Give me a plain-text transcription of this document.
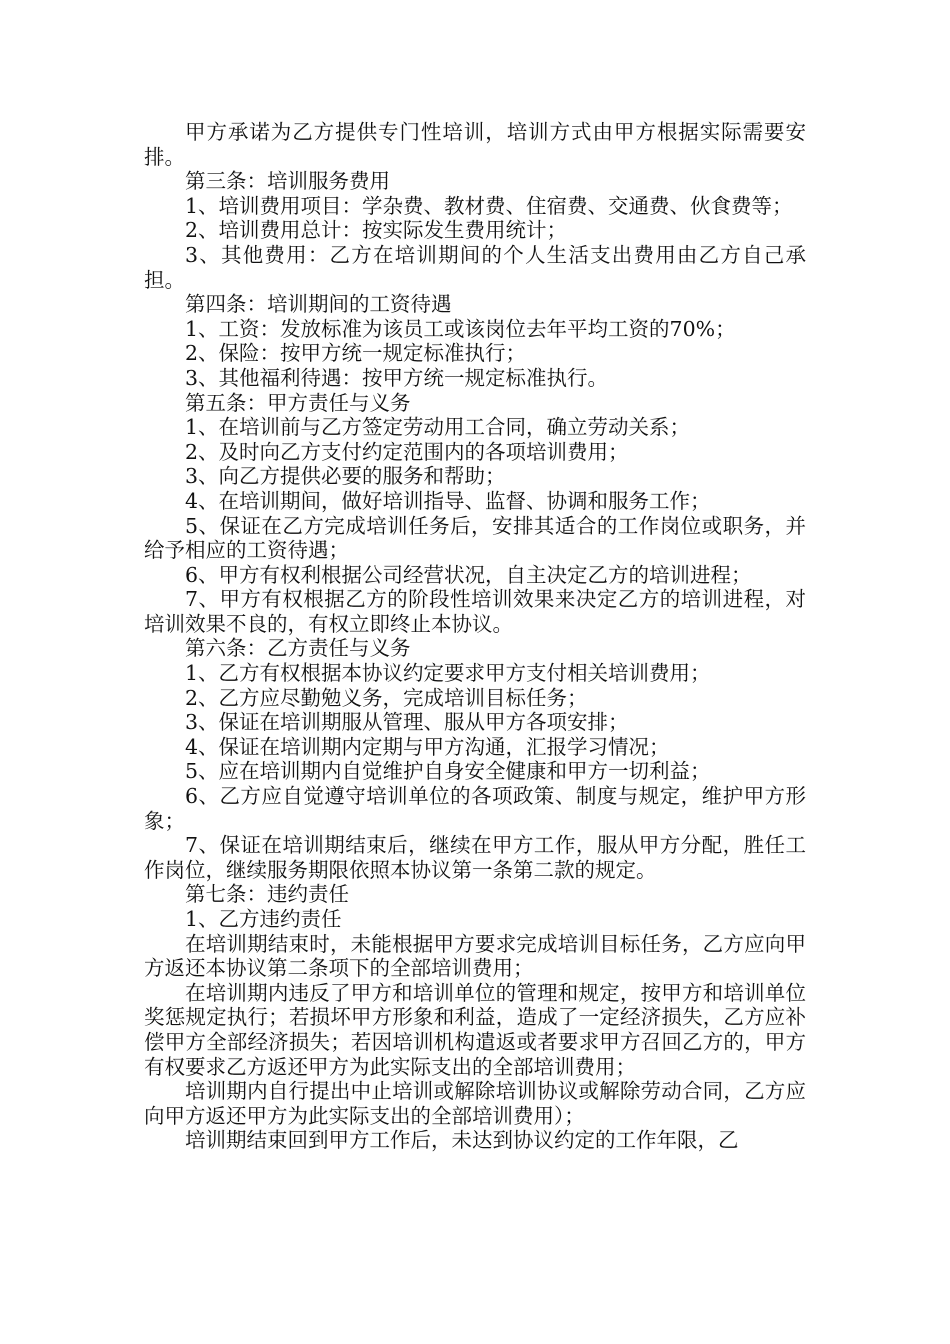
甲方承诺为乙方提供专门性培训，培训方式由甲方根据实际需要安排。

第三条：培训服务费用

1、培训费用项目：学杂费、教材费、住宿费、交通费、伙食费等；

2、培训费用总计：按实际发生费用统计；

3、其他费用：乙方在培训期间的个人生活支出费用由乙方自己承担。

第四条：培训期间的工资待遇

1、工资：发放标准为该员工或该岗位去年平均工资的70%；

2、保险：按甲方统一规定标准执行；

3、其他福利待遇：按甲方统一规定标准执行。

第五条：甲方责任与义务

1、在培训前与乙方签定劳动用工合同，确立劳动关系；

2、及时向乙方支付约定范围内的各项培训费用；

3、向乙方提供必要的服务和帮助；

4、在培训期间，做好培训指导、监督、协调和服务工作；

5、保证在乙方完成培训任务后，安排其适合的工作岗位或职务，并给予相应的工资待遇；

6、甲方有权利根据公司经营状况，自主决定乙方的培训进程；

7、甲方有权根据乙方的阶段性培训效果来决定乙方的培训进程，对培训效果不良的，有权立即终止本协议。

第六条：乙方责任与义务

1、乙方有权根据本协议约定要求甲方支付相关培训费用；

2、乙方应尽勤勉义务，完成培训目标任务；

3、保证在培训期服从管理、服从甲方各项安排；

4、保证在培训期内定期与甲方沟通，汇报学习情况；

5、应在培训期内自觉维护自身安全健康和甲方一切利益；

6、乙方应自觉遵守培训单位的各项政策、制度与规定，维护甲方形象；

7、保证在培训期结束后，继续在甲方工作，服从甲方分配，胜任工作岗位，继续服务期限依照本协议第一条第二款的规定。

第七条：违约责任

1、乙方违约责任

在培训期结束时，未能根据甲方要求完成培训目标任务，乙方应向甲方返还本协议第二条项下的全部培训费用；

在培训期内违反了甲方和培训单位的管理和规定，按甲方和培训单位奖惩规定执行；若损坏甲方形象和利益，造成了一定经济损失，乙方应补偿甲方全部经济损失；若因培训机构遣返或者要求甲方召回乙方的，甲方有权要求乙方返还甲方为此实际支出的全部培训费用；

培训期内自行提出中止培训或解除培训协议或解除劳动合同，乙方应向甲方返还甲方为此实际支出的全部培训费用）；

培训期结束回到甲方工作后，未达到协议约定的工作年限，乙
